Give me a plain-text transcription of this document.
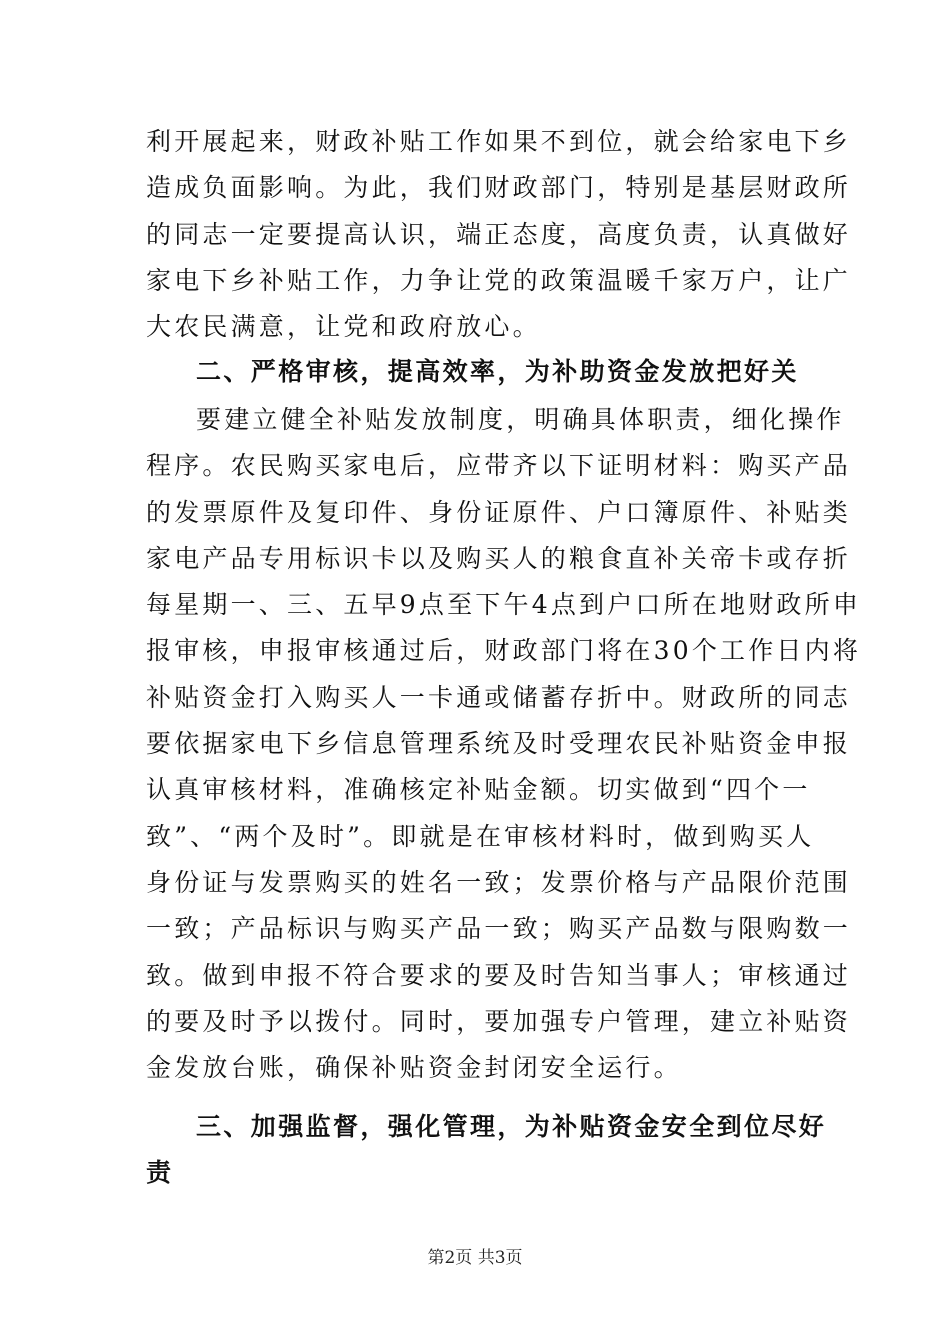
利开展起来，财政补贴工作如果不到位，就会给家电下乡
造成负面影响。为此，我们财政部门，特别是基层财政所
的同志一定要提高认识，端正态度，高度负责，认真做好
家电下乡补贴工作，力争让党的政策温暖千家万户，让广
大农民满意，让党和政府放心。
二、严格审核，提高效率，为补助资金发放把好关
要建立健全补贴发放制度，明确具体职责，细化操作
程序。农民购买家电后，应带齐以下证明材料：购买产品
的发票原件及复印件、身份证原件、户口簿原件、补贴类
家电产品专用标识卡以及购买人的粮食直补关帝卡或存折
每星期一、三、五早9点至下午4点到户口所在地财政所申
报审核，申报审核通过后，财政部门将在30个工作日内将
补贴资金打入购买人一卡通或储蓄存折中。财政所的同志
要依据家电下乡信息管理系统及时受理农民补贴资金申报
认真审核材料，准确核定补贴金额。切实做到“四个一
致”、“两个及时”。即就是在审核材料时，做到购买人
身份证与发票购买的姓名一致；发票价格与产品限价范围
一致；产品标识与购买产品一致；购买产品数与限购数一
致。做到申报不符合要求的要及时告知当事人；审核通过
的要及时予以拨付。同时，要加强专户管理，建立补贴资
金发放台账，确保补贴资金封闭安全运行。
三、加强监督，强化管理，为补贴资金安全到位尽好
责
第2页 共3页
